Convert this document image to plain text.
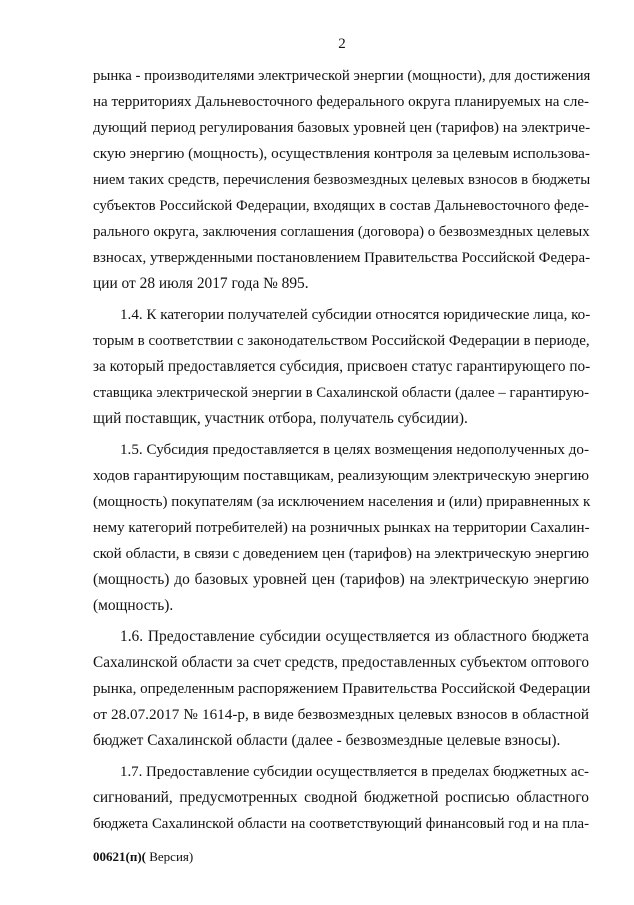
2
рынка - производителями электрической энергии (мощности), для достижения
на территориях Дальневосточного федерального округа планируемых на сле-
дующий период регулирования базовых уровней цен (тарифов) на электриче-
скую энергию (мощность), осуществления контроля за целевым использова-
нием таких средств, перечисления безвозмездных целевых взносов в бюджеты
субъектов Российской Федерации, входящих в состав Дальневосточного феде-
рального округа, заключения соглашения (договора) о безвозмездных целевых
взносах, утвержденными постановлением Правительства Российской Федера-
ции от 28 июля 2017 года № 895.
1.4. К категории получателей субсидии относятся юридические лица, ко-
торым в соответствии с законодательством Российской Федерации в периоде,
за который предоставляется субсидия, присвоен статус гарантирующего по-
ставщика электрической энергии в Сахалинской области (далее – гарантирую-
щий поставщик, участник отбора, получатель субсидии).
1.5. Субсидия предоставляется в целях возмещения недополученных до-
ходов гарантирующим поставщикам, реализующим электрическую энергию
(мощность) покупателям (за исключением населения и (или) приравненных к
нему категорий потребителей) на розничных рынках на территории Сахалин-
ской области, в связи с доведением цен (тарифов) на электрическую энергию
(мощность) до базовых уровней цен (тарифов) на электрическую энергию
(мощность).
1.6. Предоставление субсидии осуществляется из областного бюджета
Сахалинской области за счет средств, предоставленных субъектом оптового
рынка, определенным распоряжением Правительства Российской Федерации
от 28.07.2017 № 1614-р, в виде безвозмездных целевых взносов в областной
бюджет Сахалинской области (далее - безвозмездные целевые взносы).
1.7. Предоставление субсидии осуществляется в пределах бюджетных ас-
сигнований, предусмотренных сводной бюджетной росписью областного
бюджета Сахалинской области на соответствующий финансовый год и на пла-
00621(п)( Версия)
